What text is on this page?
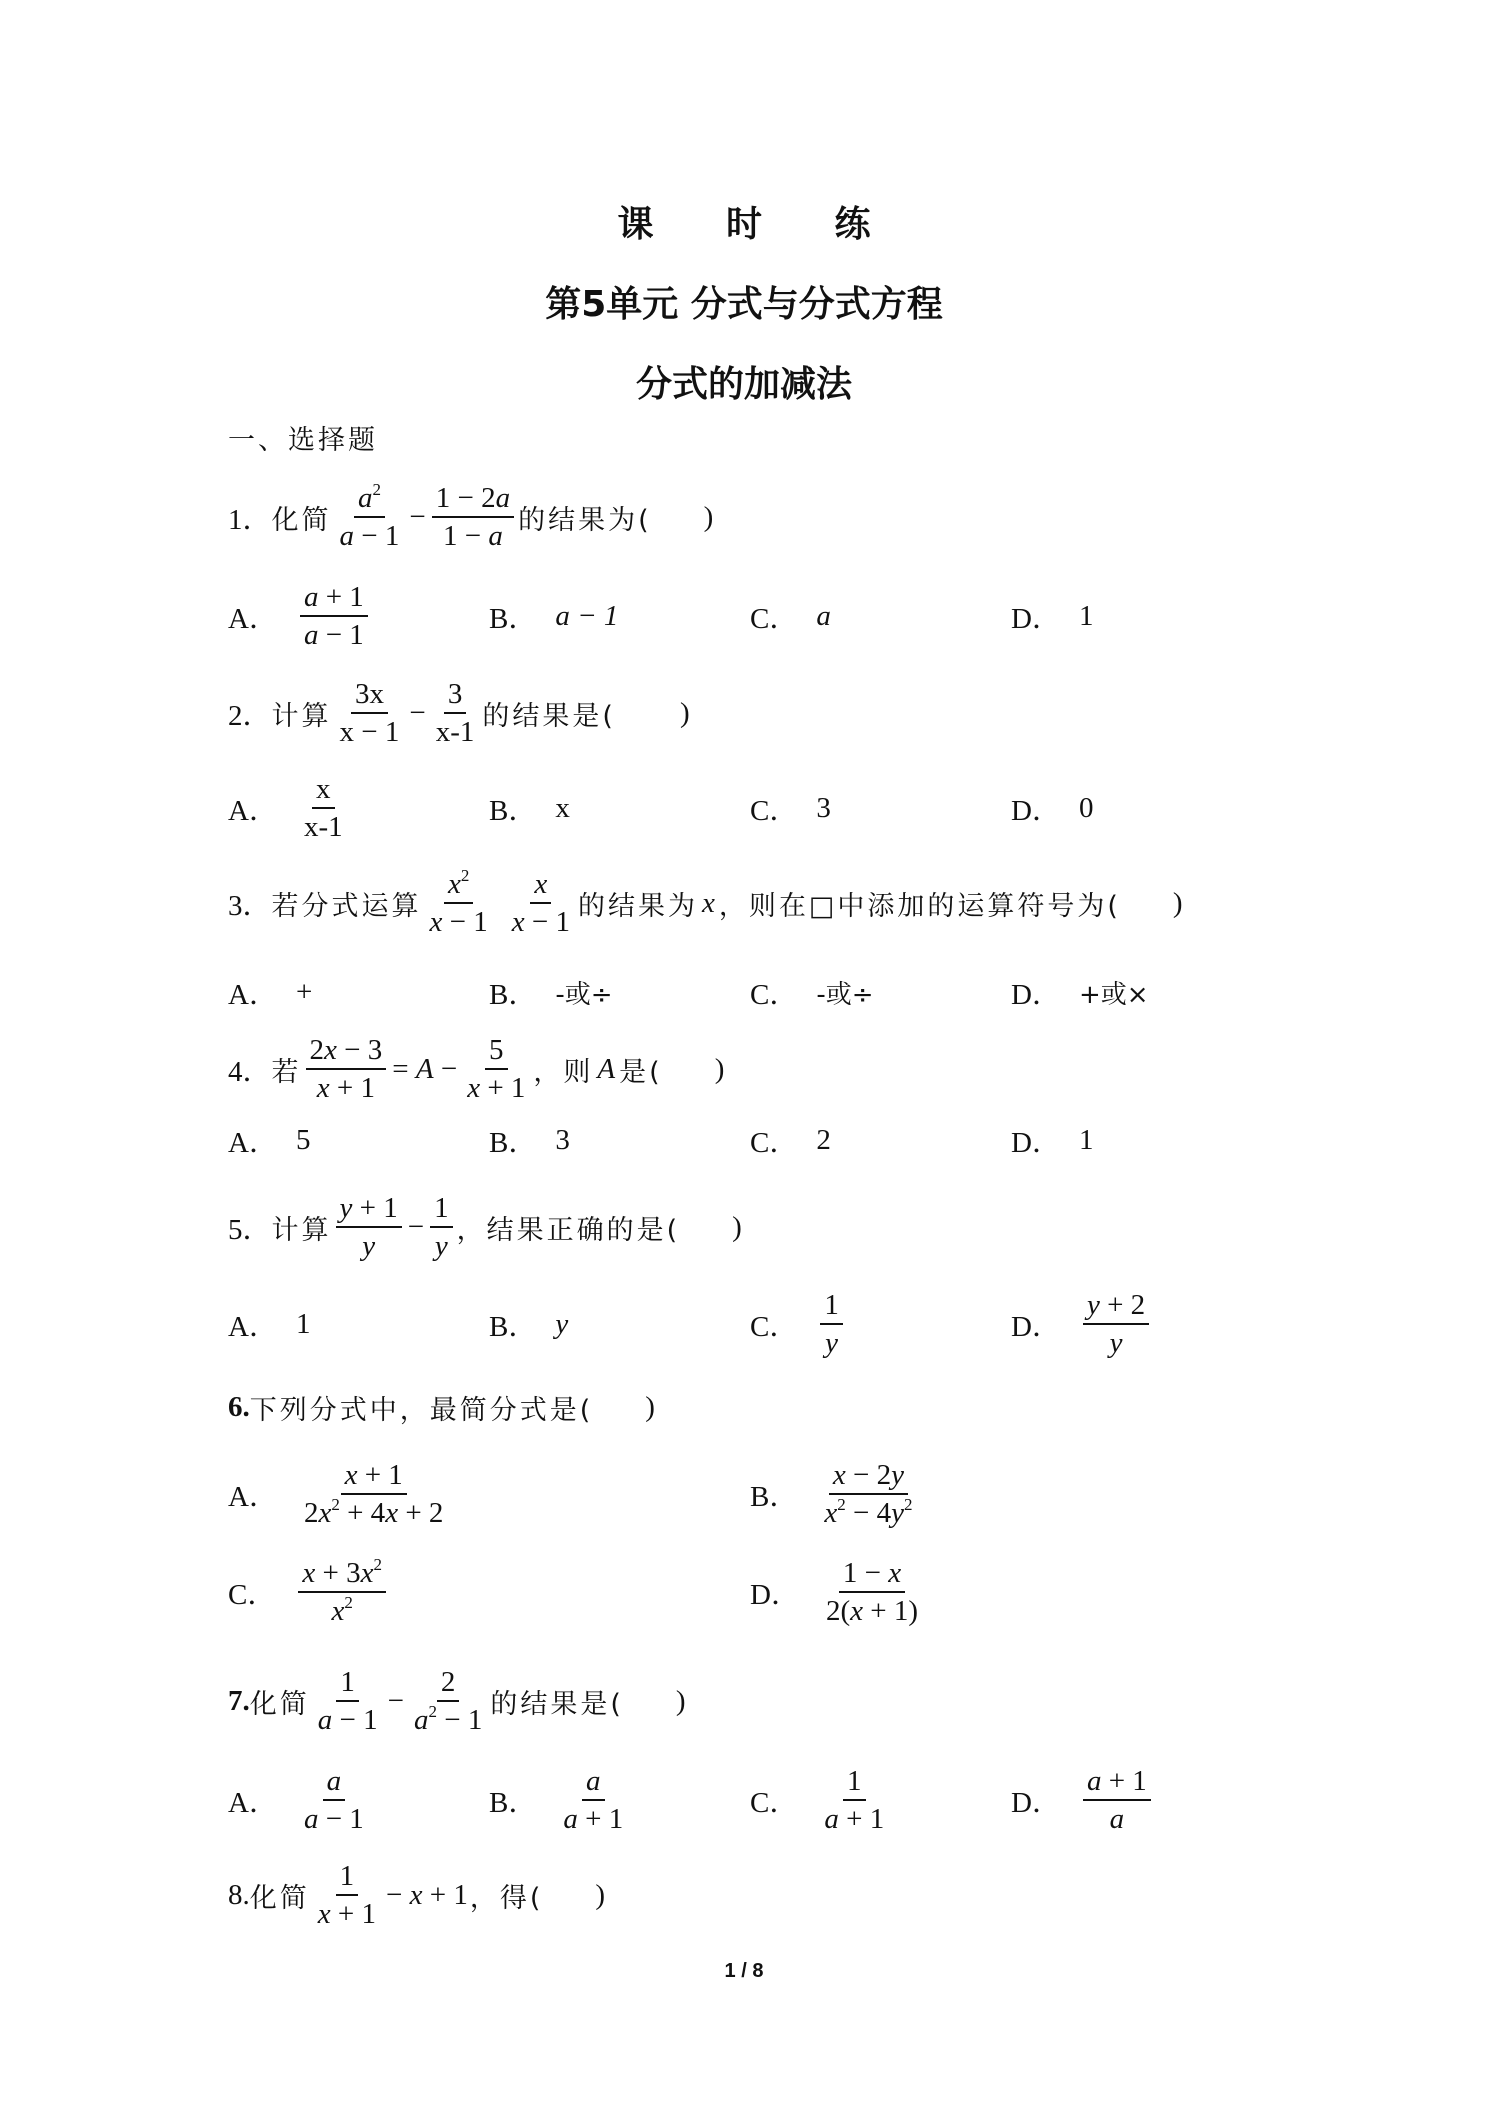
课 时 练
第5单元 分式与分式方程
分式的加减法
一、选择题
1． 化简 $\frac{a^2}{a - 1} - \frac{1 - 2a}{1 - a}$ 的结果为( )
A． $\frac{a + 1}{a - 1}$	B． a − 1	C． a	D． 1
2． 计算 $\frac{3x}{x - 1} - \frac{3}{x-1}$ 的结果是( )
A． $\frac{x}{x-1}$	B． x	C． 3	D． 0
3． 若分式运算 $\frac{x^2}{x - 1} \frac{x}{x - 1}$ 的结果为 x ，则在□中添加的运算符号为( )
A． +	B． -或÷	C． -或÷	D． +或×
4． 若 $\frac{2x - 3}{x + 1} = A - \frac{5}{x + 1}$ ，则 A 是( )
A． 5	B． 3	C． 2	D． 1
5． 计算 $\frac{y + 1}{y} - \frac{1}{y}$ ，结果正确的是( )
A． 1	B． y	C． $\frac{1}{y}$	D． $\frac{y + 2}{y}$
6. 下列分式中，最简分式是( )
A． $\frac{x + 1}{2x^2 + 4x + 2}$	B． $\frac{x - 2y}{x^2 - 4y^2}$
C． $\frac{x + 3x^2}{x^2}$	D． $\frac{1 - x}{2(x + 1)}$
7. 化简 $\frac{1}{a - 1} - \frac{2}{a^2 - 1}$ 的结果是( )
A． $\frac{a}{a - 1}$	B． $\frac{a}{a + 1}$	C． $\frac{1}{a + 1}$	D． $\frac{a + 1}{a}$
8. 化简 $\frac{1}{x + 1} - x + 1$ ，得( )
1 / 8
